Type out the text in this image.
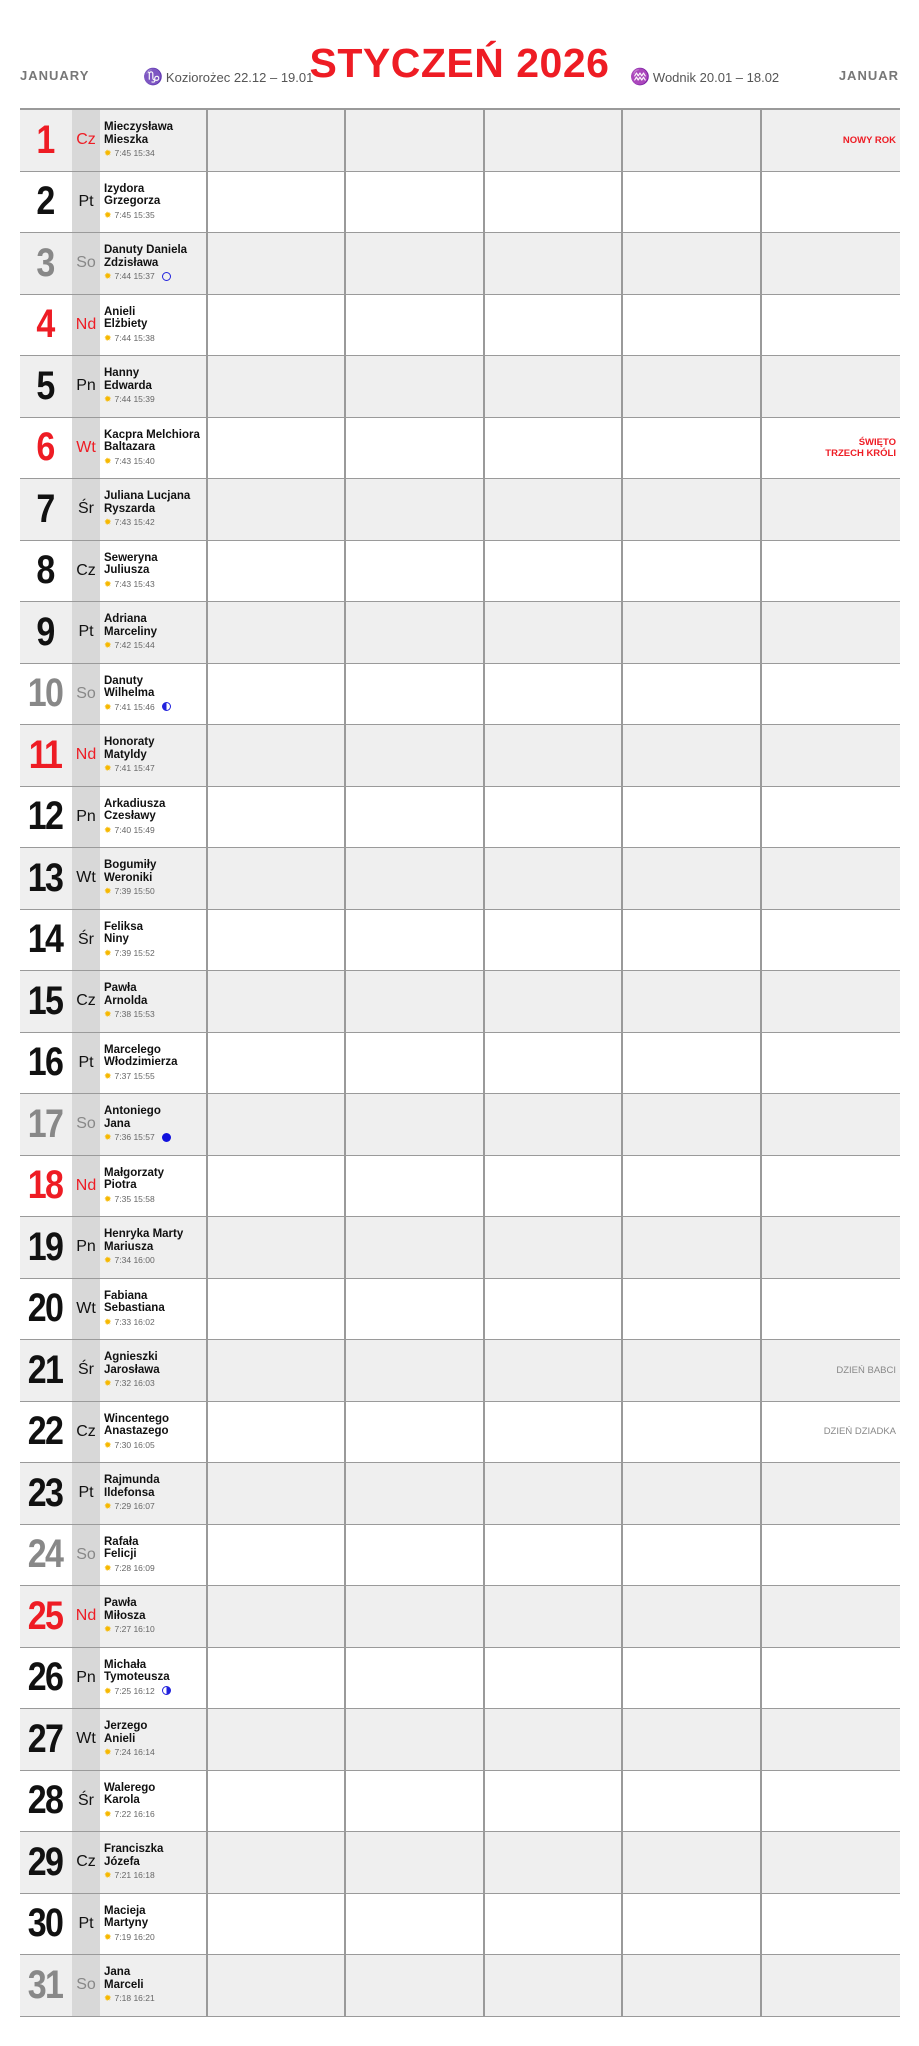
JANUARY	♑ Koziorożec 22.12 – 19.01
STYCZEŃ 2026	♒ Wodnik 20.01 – 18.02	JANUAR
1	Cz
Mieczysława
Mieszka
✹ 7:45 15:34
NOWY ROK
2	Pt
Izydora
Grzegorza
✹ 7:45 15:35
3	So
Danuty Daniela
Zdzisława
✹ 7:44 15:37
4	Nd
Anieli
Elżbiety
✹ 7:44 15:38
5	Pn
Hanny
Edwarda
✹ 7:44 15:39
6	Wt
Kacpra Melchiora
Baltazara
✹ 7:43 15:40
ŚWIĘTO
TRZECH KRÓLI
7	Śr
Juliana Lucjana
Ryszarda
✹ 7:43 15:42
8	Cz
Seweryna
Juliusza
✹ 7:43 15:43
9	Pt
Adriana
Marceliny
✹ 7:42 15:44
10 So
Danuty
Wilhelma
✹ 7:41 15:46
11 Nd
Honoraty
Matyldy
✹ 7:41 15:47
12 Pn
Arkadiusza
Czesławy
✹ 7:40 15:49
13 Wt
Bogumiły
Weroniki
✹ 7:39 15:50
14 Śr
Feliksa
Niny
✹ 7:39 15:52
15 Cz
Pawła
Arnolda
✹ 7:38 15:53
16	Pt
Marcelego
Włodzimierza
✹ 7:37 15:55
17 So
Antoniego
Jana
✹ 7:36 15:57
18 Nd
Małgorzaty
Piotra
✹ 7:35 15:58
19 Pn
Henryka Marty
Mariusza
✹ 7:34 16:00
20 Wt
Fabiana
Sebastiana
✹ 7:33 16:02
21 Śr
Agnieszki
Jarosława
✹ 7:32 16:03
DZIEŃ BABCI
22 Cz
Wincentego
Anastazego
✹ 7:30 16:05
DZIEŃ DZIADKA
23	Pt
Rajmunda
Ildefonsa
✹ 7:29 16:07
24 So
Rafała
Felicji
✹ 7:28 16:09
25 Nd
Pawła
Miłosza
✹ 7:27 16:10
26 Pn
Michała
Tymoteusza
✹ 7:25 16:12
27 Wt
Jerzego
Anieli
✹ 7:24 16:14
28 Śr
Walerego
Karola
✹ 7:22 16:16
29 Cz
Franciszka
Józefa
✹ 7:21 16:18
30	Pt
Macieja
Martyny
✹ 7:19 16:20
31 So
Jana
Marceli
✹ 7:18 16:21
